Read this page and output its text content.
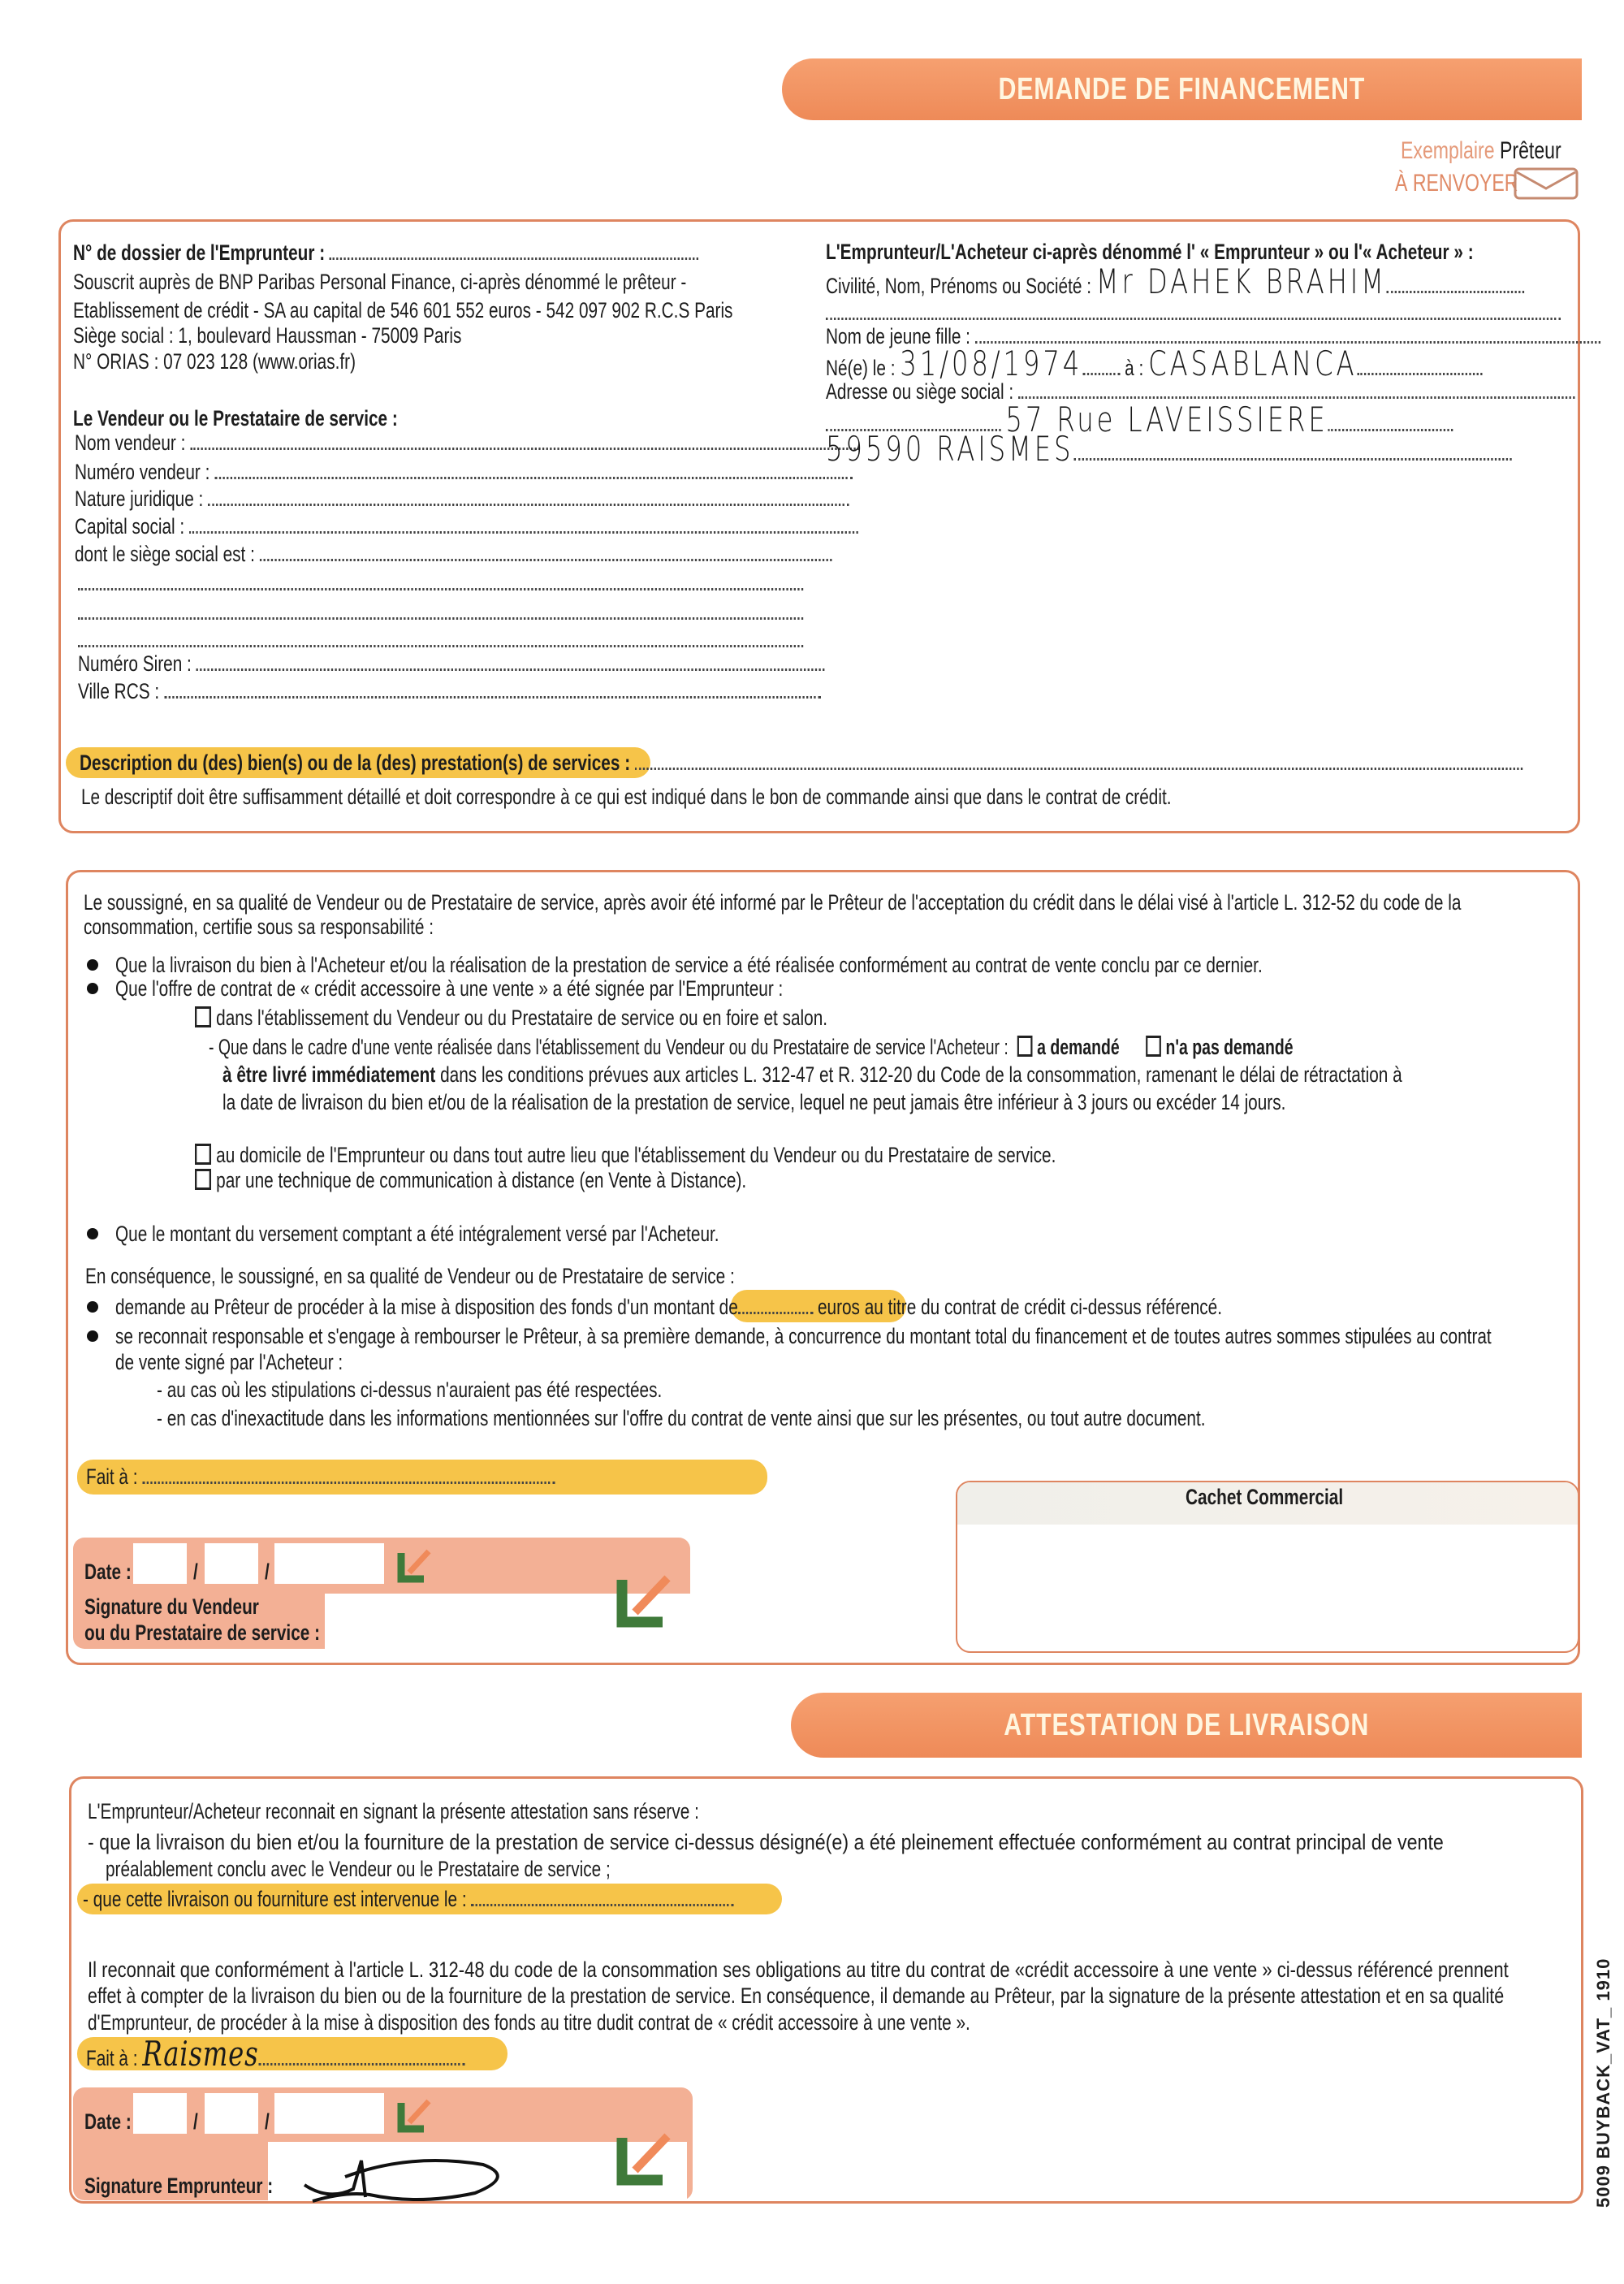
DEMANDE DE FINANCEMENT
Exemplaire Prêteur
À RENVOYER
N° de dossier de l'Emprunteur :
Souscrit auprès de BNP Paribas Personal Finance, ci-après dénommé le prêteur -
Etablissement de crédit - SA au capital de 546 601 552 euros - 542 097 902 R.C.S Paris
Siège social : 1, boulevard Haussman - 75009 Paris
N° ORIAS : 07 023 128 (www.orias.fr)
Le Vendeur ou le Prestataire de service :
Nom vendeur :
Numéro vendeur :
Nature juridique :
Capital social :
dont le siège social est :
Numéro Siren :
Ville RCS :
L'Emprunteur/L'Acheteur ci-après dénommé l' « Emprunteur » ou l'« Acheteur » :
Civilité, Nom, Prénoms ou Société : Mr DAHEK BRAHIM
Nom de jeune fille :
Né(e) le : 31/08/1974 à : CASABLANCA
Adresse ou siège social :
57 Rue LAVEISSIERE
59590 RAISMES
Description du (des) bien(s) ou de la (des) prestation(s) de services :
Le descriptif doit être suffisamment détaillé et doit correspondre à ce qui est indiqué dans le bon de commande ainsi que dans le contrat de crédit.
Le soussigné, en sa qualité de Vendeur ou de Prestataire de service, après avoir été informé par le Prêteur de l'acceptation du crédit dans le délai visé à l'article L. 312-52 du code de la
consommation, certifie sous sa responsabilité :
Que la livraison du bien à l'Acheteur et/ou la réalisation de la prestation de service a été réalisée conformément au contrat de vente conclu par ce dernier.
Que l'offre de contrat de « crédit accessoire à une vente » a été signée par l'Emprunteur :
dans l'établissement du Vendeur ou du Prestataire de service ou en foire et salon.
- Que dans le cadre d'une vente réalisée dans l'établissement du Vendeur ou du Prestataire de service l'Acheteur : a demandé n'a pas demandé
à être livré immédiatement dans les conditions prévues aux articles L. 312-47 et R. 312-20 du Code de la consommation, ramenant le délai de rétractation à
la date de livraison du bien et/ou de la réalisation de la prestation de service, lequel ne peut jamais être inférieur à 3 jours ou excéder 14 jours.
au domicile de l'Emprunteur ou dans tout autre lieu que l'établissement du Vendeur ou du Prestataire de service.
par une technique de communication à distance (en Vente à Distance).
Que le montant du versement comptant a été intégralement versé par l'Acheteur.
En conséquence, le soussigné, en sa qualité de Vendeur ou de Prestataire de service :
demande au Prêteur de procéder à la mise à disposition des fonds d'un montant de	euros au titre du contrat de crédit ci-dessus référencé.
se reconnait responsable et s'engage à rembourser le Prêteur, à sa première demande, à concurrence du montant total du financement et de toutes autres sommes stipulées au contrat
de vente signé par l'Acheteur :
- au cas où les stipulations ci-dessus n'auraient pas été respectées.
- en cas d'inexactitude dans les informations mentionnées sur l'offre du contrat de vente ainsi que sur les présentes, ou tout autre document.
Fait à :
Date :	/	/
Signature du Vendeur
ou du Prestataire de service :
Cachet Commercial
ATTESTATION DE LIVRAISON
L'Emprunteur/Acheteur reconnait en signant la présente attestation sans réserve :
- que la livraison du bien et/ou la fourniture de la prestation de service ci-dessus désigné(e) a été pleinement effectuée conformément au contrat principal de vente
préalablement conclu avec le Vendeur ou le Prestataire de service ;
- que cette livraison ou fourniture est intervenue le :
Il reconnait que conformément à l'article L. 312-48 du code de la consommation ses obligations au titre du contrat de «crédit accessoire à une vente » ci-dessus référencé prennent
effet à compter de la livraison du bien ou de la fourniture de la prestation de service. En conséquence, il demande au Prêteur, par la signature de la présente attestation et en sa qualité
d'Emprunteur, de procéder à la mise à disposition des fonds au titre dudit contrat de « crédit accessoire à une vente ».
Fait à : Raismes
Date :	/	/
Signature Emprunteur :	5009 BUYBACK_VAT_ 1910
